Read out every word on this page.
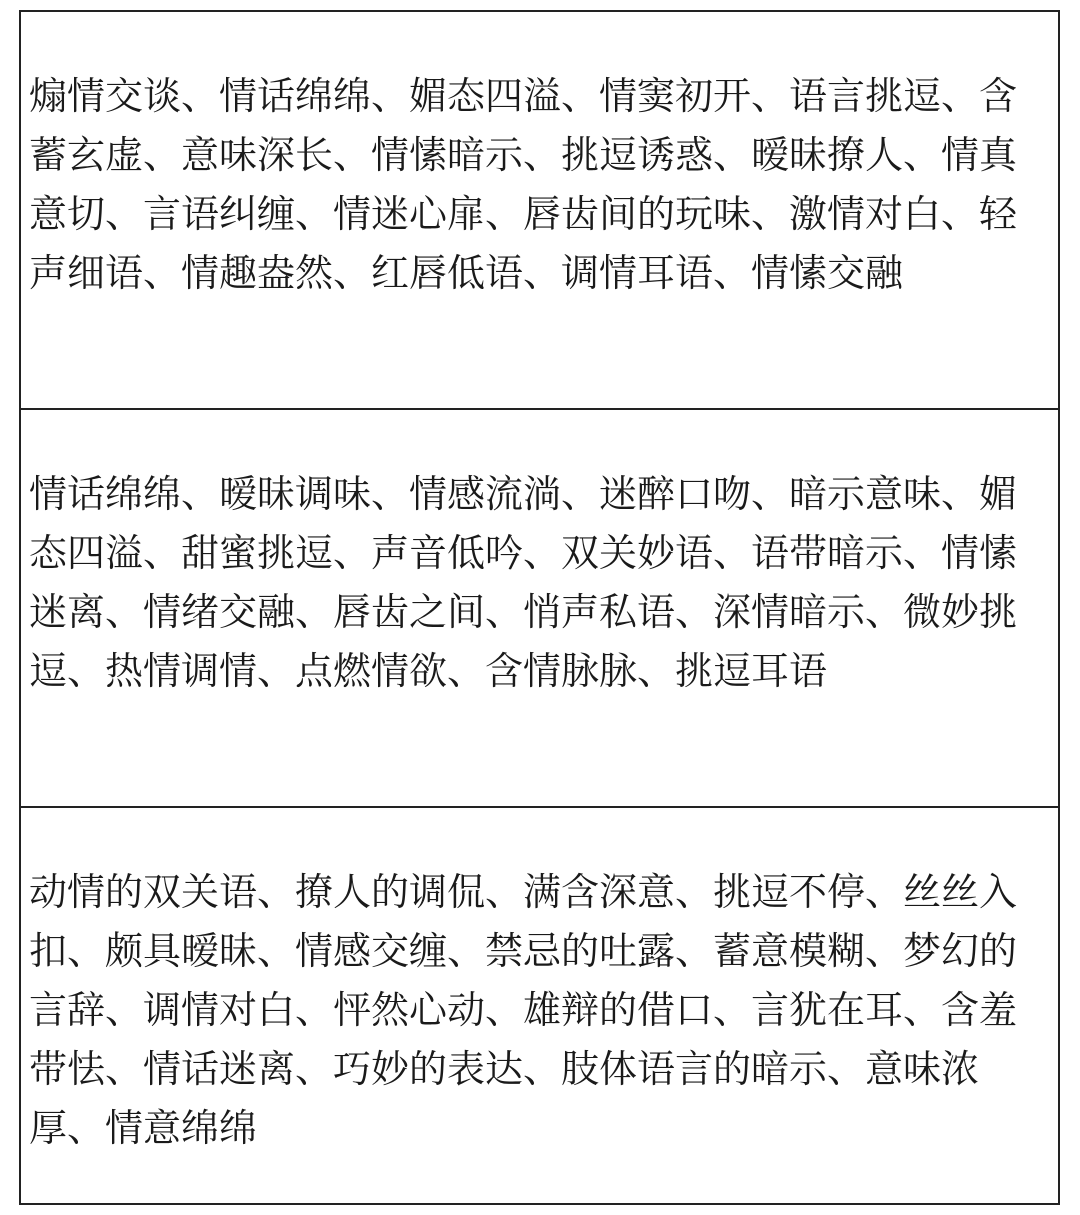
煽情交谈、情话绵绵、媚态四溢、情窦初开、语言挑逗、含蓄玄虚、意味深长、情愫暗示、挑逗诱惑、暧昧撩人、情真意切、言语纠缠、情迷心扉、唇齿间的玩味、激情对白、轻声细语、情趣盎然、红唇低语、调情耳语、情愫交融

情话绵绵、暧昧调味、情感流淌、迷醉口吻、暗示意味、媚态四溢、甜蜜挑逗、声音低吟、双关妙语、语带暗示、情愫迷离、情绪交融、唇齿之间、悄声私语、深情暗示、微妙挑逗、热情调情、点燃情欲、含情脉脉、挑逗耳语

动情的双关语、撩人的调侃、满含深意、挑逗不停、丝丝入扣、颇具暧昧、情感交缠、禁忌的吐露、蓄意模糊、梦幻的言辞、调情对白、怦然心动、雄辩的借口、言犹在耳、含羞带怯、情话迷离、巧妙的表达、肢体语言的暗示、意味浓厚、情意绵绵
